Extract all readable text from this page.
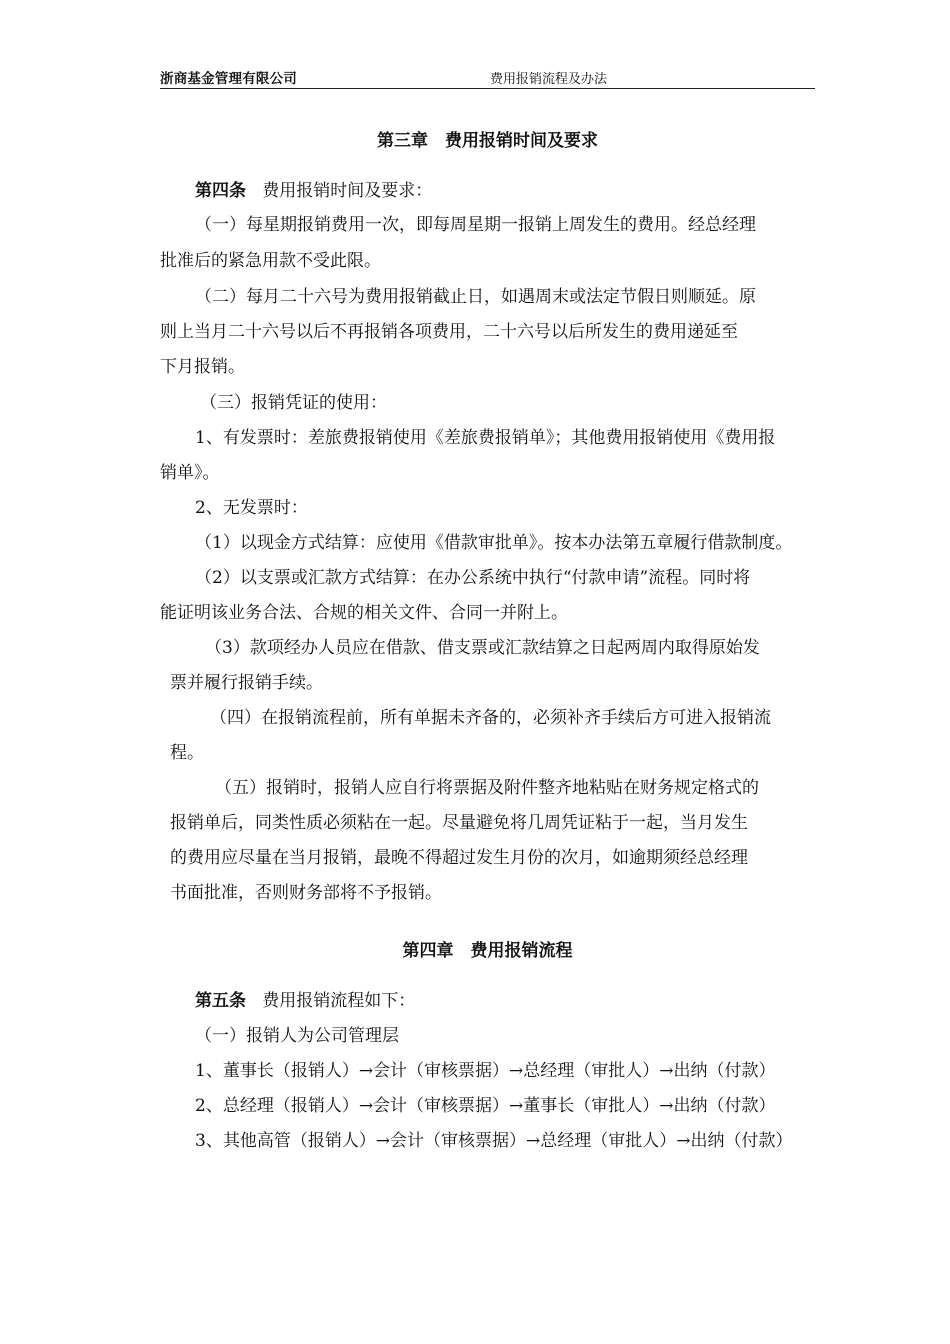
浙商基金管理有限公司	费用报销流程及办法
第三章　费用报销时间及要求
第四条 费用报销时间及要求：
（一）每星期报销费用一次，即每周星期一报销上周发生的费用。经总经理
批准后的紧急用款不受此限。
（二）每月二十六号为费用报销截止日，如遇周末或法定节假日则顺延。原
则上当月二十六号以后不再报销各项费用，二十六号以后所发生的费用递延至
下月报销。
（三）报销凭证的使用：
1、有发票时：差旅费报销使用《差旅费报销单》；其他费用报销使用《费用报
销单》。
2、无发票时：
（1）以现金方式结算：应使用《借款审批单》。按本办法第五章履行借款制度。
（2）以支票或汇款方式结算：在办公系统中执行“付款申请”流程。同时将
能证明该业务合法、合规的相关文件、合同一并附上。
（3）款项经办人员应在借款、借支票或汇款结算之日起两周内取得原始发
票并履行报销手续。
（四）在报销流程前，所有单据未齐备的，必须补齐手续后方可进入报销流
程。
（五）报销时，报销人应自行将票据及附件整齐地粘贴在财务规定格式的
报销单后，同类性质必须粘在一起。尽量避免将几周凭证粘于一起，当月发生
的费用应尽量在当月报销，最晚不得超过发生月份的次月，如逾期须经总经理
书面批准，否则财务部将不予报销。
第四章　费用报销流程
第五条 费用报销流程如下：
（一）报销人为公司管理层
1、董事长（报销人）→会计（审核票据）→总经理（审批人）→出纳（付款）
2、总经理（报销人）→会计（审核票据）→董事长（审批人）→出纳（付款）
3、其他高管（报销人）→会计（审核票据）→总经理（审批人）→出纳（付款）
